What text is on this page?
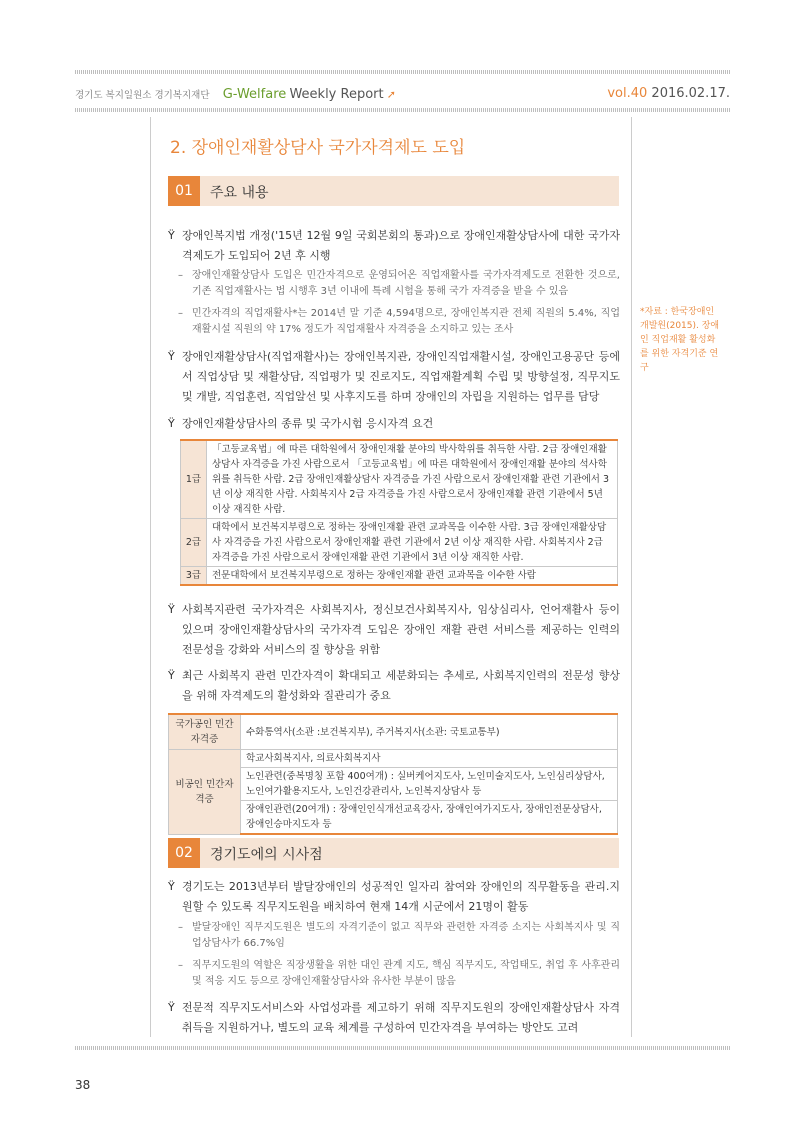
경기도 복지일원소 경기복지재단 G-Welfare Weekly Report ➚	vol.40 2016.02.17.
2. 장애인재활상담사 국가자격제도 도입
01	주요 내용
Ÿ 장애인복지법 개정('15년 12월 9일 국회본회의 통과)으로 장애인재활상담사에 대한 국가자격제도가 도입되어 2년 후 시행
– 장애인재활상담사 도입은 민간자격으로 운영되어온 직업재활사를 국가자격제도로 전환한 것으로, 기존 직업재활사는 법 시행후 3년 이내에 특례 시험을 통해 국가 자격증을 받을 수 있음
– 민간자격의 직업재활사*는 2014년 말 기준 4,594명으로, 장애인복지관 전체 직원의 5.4%, 직업재활시설 직원의 약 17% 정도가 직업재활사 자격증을 소지하고 있는 조사
*자료 : 한국장애인개발원(2015). 장애인 직업재활 활성화를 위한 자격기준 연구
Ÿ 장애인재활상담사(직업재활사)는 장애인복지관, 장애인직업재활시설, 장애인고용공단 등에서 직업상담 및 재활상담, 직업평가 및 진로지도, 직업재활계획 수립 및 방향설정, 직무지도 및 개발, 직업훈련, 직업알선 및 사후지도를 하며 장애인의 자립을 지원하는 업무를 담당
Ÿ 장애인재활상담사의 종류 및 국가시험 응시자격 요건
1급	「고등교육법」에 따른 대학원에서 장애인재활 분야의 박사학위를 취득한 사람. 2급 장애인재활상담사 자격증을 가진 사람으로서 「고등교육법」에 따른 대학원에서 장애인재활 분야의 석사학위를 취득한 사람. 2급 장애인재활상담사 자격증을 가진 사람으로서 장애인재활 관련 기관에서 3년 이상 재직한 사람. 사회복지사 2급 자격증을 가진 사람으로서 장애인재활 관련 기관에서 5년 이상 재직한 사람.
2급	대학에서 보건복지부령으로 정하는 장애인재활 관련 교과목을 이수한 사람. 3급 장애인재활상담사 자격증을 가진 사람으로서 장애인재활 관련 기관에서 2년 이상 재직한 사람. 사회복지사 2급 자격증을 가진 사람으로서 장애인재활 관련 기관에서 3년 이상 재직한 사람.
3급	전문대학에서 보건복지부령으로 정하는 장애인재활 관련 교과목을 이수한 사람
Ÿ 사회복지관련 국가자격은 사회복지사, 정신보건사회복지사, 임상심리사, 언어재활사 등이 있으며 장애인재활상담사의 국가자격 도입은 장애인 재활 관련 서비스를 제공하는 인력의 전문성을 강화와 서비스의 질 향상을 위함
Ÿ 최근 사회복지 관련 민간자격이 확대되고 세분화되는 추세로, 사회복지인력의 전문성 향상을 위해 자격제도의 활성화와 질관리가 중요
국가공인 민간자격증	수화통역사(소관 :보건복지부), 주거복지사(소관: 국토교통부)
비공인 민간자격증	학교사회복지사, 의료사회복지사
	노인관련(중복명칭 포함 400여개) : 실버케어지도사, 노인미술지도사, 노인심리상담사, 노인여가활용지도사, 노인건강관리사, 노인복지상담사 등
	장애인관련(20여개) : 장애인인식개선교육강사, 장애인여가지도사, 장애인전문상담사, 장애인승마지도자 등
02	경기도에의 시사점
Ÿ 경기도는 2013년부터 발달장애인의 성공적인 일자리 참여와 장애인의 직무활동을 관리.지원할 수 있도록 직무지도원을 배치하여 현재 14개 시군에서 21명이 활동
– 발달장애인 직무지도원은 별도의 자격기준이 없고 직무와 관련한 자격증 소지는 사회복지사 및 직업상담사가 66.7%임
– 직무지도원의 역할은 직장생활을 위한 대인 관계 지도, 핵심 직무지도, 작업태도, 취업 후 사후관리 및 적응 지도 등으로 장애인재활상담사와 유사한 부분이 많음
Ÿ 전문적 직무지도서비스와 사업성과를 제고하기 위해 직무지도원의 장애인재활상담사 자격 취득을 지원하거나, 별도의 교육 체계를 구성하여 민간자격을 부여하는 방안도 고려
38
